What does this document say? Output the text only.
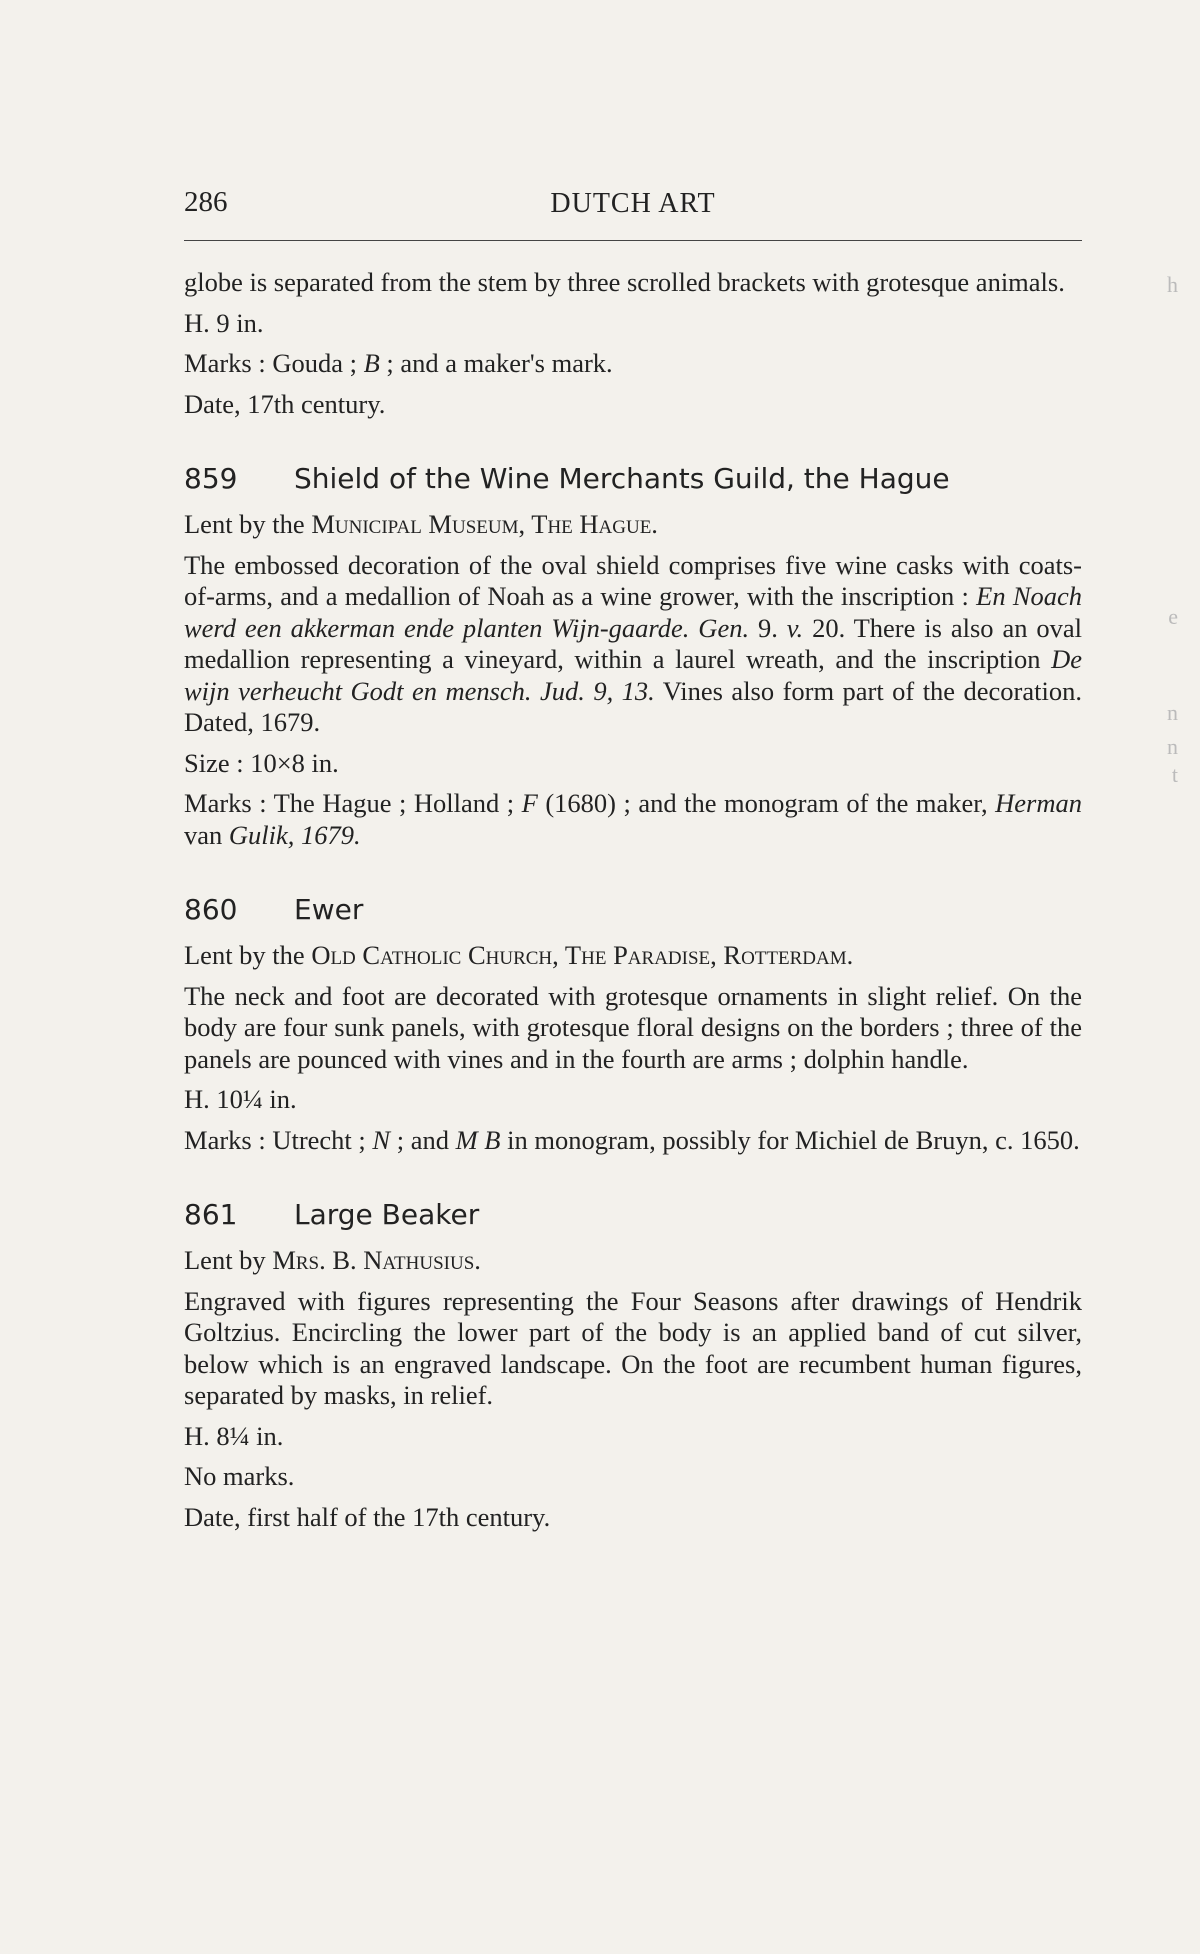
h
e
n
n
t
286	DUTCH ART

globe is separated from the stem by three scrolled brackets with grotesque animals.

H. 9 in.

Marks : Gouda ; B ; and a maker's mark.

Date, 17th century.

859	Shield of the Wine Merchants Guild, the Hague

Lent by the Municipal Museum, The Hague.

The embossed decoration of the oval shield comprises five wine casks with coats-of-arms, and a medallion of Noah as a wine grower, with the inscription : En Noach werd een akkerman ende planten Wijn-gaarde. Gen. 9. v. 20. There is also an oval medallion representing a vineyard, within a laurel wreath, and the inscription De wijn verheucht Godt en mensch. Jud. 9, 13. Vines also form part of the decoration. Dated, 1679.

Size : 10×8 in.

Marks : The Hague ; Holland ; F (1680) ; and the monogram of the maker, Herman van Gulik, 1679.

860	Ewer

Lent by the Old Catholic Church, The Paradise, Rotterdam.

The neck and foot are decorated with grotesque ornaments in slight relief. On the body are four sunk panels, with grotesque floral designs on the borders ; three of the panels are pounced with vines and in the fourth are arms ; dolphin handle.

H. 10¼ in.

Marks : Utrecht ; N ; and M B in monogram, possibly for Michiel de Bruyn, c. 1650.

861	Large Beaker

Lent by Mrs. B. Nathusius.

Engraved with figures representing the Four Seasons after drawings of Hendrik Goltzius. Encircling the lower part of the body is an applied band of cut silver, below which is an engraved landscape. On the foot are recumbent human figures, separated by masks, in relief.

H. 8¼ in.

No marks.

Date, first half of the 17th century.
